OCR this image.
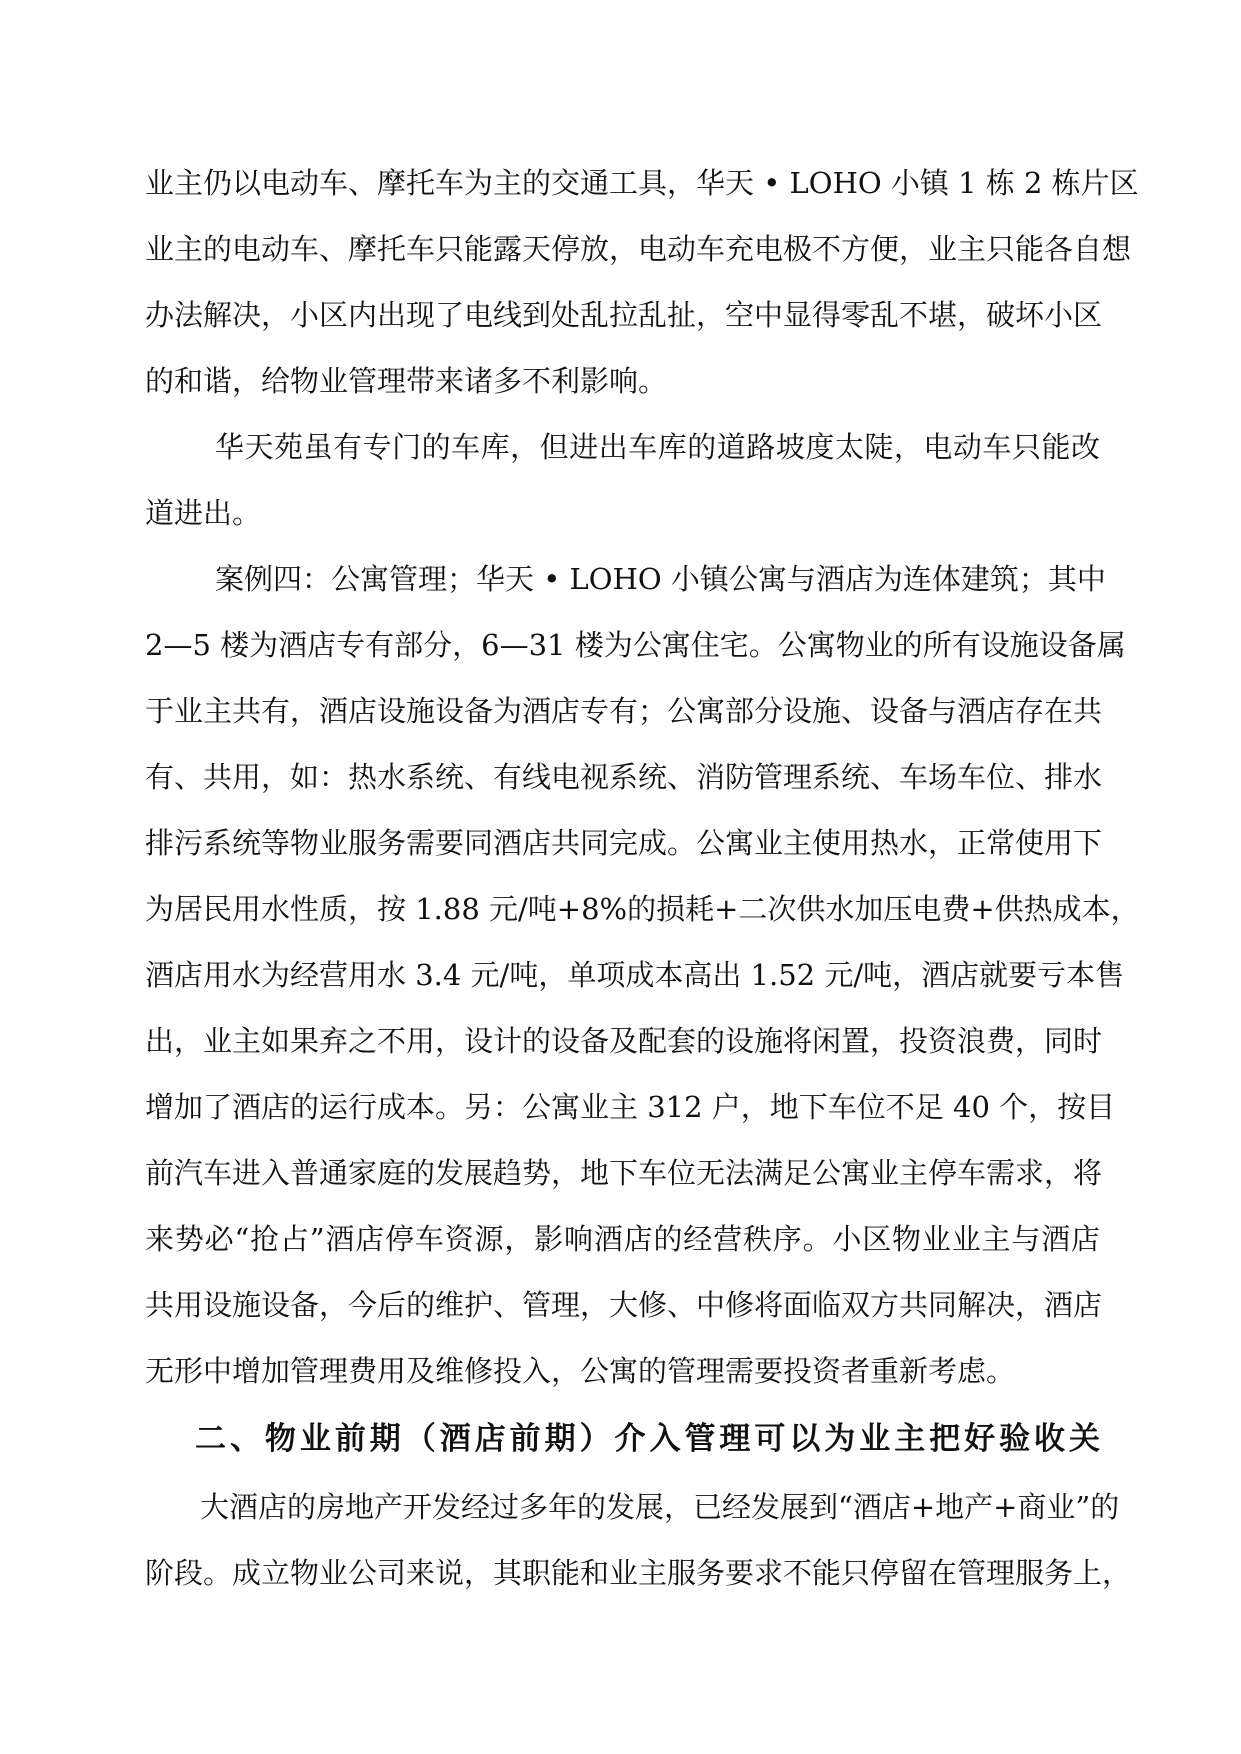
业主仍以电动车、摩托车为主的交通工具，华天 • LOHO 小镇 1 栋 2 栋片区
业主的电动车、摩托车只能露天停放，电动车充电极不方便，业主只能各自想
办法解决，小区内出现了电线到处乱拉乱扯，空中显得零乱不堪，破坏小区
的和谐，给物业管理带来诸多不利影响。
华天苑虽有专门的车库，但进出车库的道路坡度太陡，电动车只能改
道进出。
案例四：公寓管理；华天 • LOHO 小镇公寓与酒店为连体建筑；其中
2—5 楼为酒店专有部分，6—31 楼为公寓住宅。公寓物业的所有设施设备属
于业主共有，酒店设施设备为酒店专有；公寓部分设施、设备与酒店存在共
有、共用，如：热水系统、有线电视系统、消防管理系统、车场车位、排水
排污系统等物业服务需要同酒店共同完成。公寓业主使用热水，正常使用下
为居民用水性质，按 1.88 元/吨+8%的损耗+二次供水加压电费+供热成本，
酒店用水为经营用水 3.4 元/吨，单项成本高出 1.52 元/吨，酒店就要亏本售
出，业主如果弃之不用，设计的设备及配套的设施将闲置，投资浪费，同时
增加了酒店的运行成本。另：公寓业主 312 户，地下车位不足 40 个，按目
前汽车进入普通家庭的发展趋势，地下车位无法满足公寓业主停车需求，将
来势必“抢占”酒店停车资源，影响酒店的经营秩序。小区物业业主与酒店
共用设施设备，今后的维护、管理，大修、中修将面临双方共同解决，酒店
无形中增加管理费用及维修投入，公寓的管理需要投资者重新考虑。
二、物业前期（酒店前期）介入管理可以为业主把好验收关
大酒店的房地产开发经过多年的发展，已经发展到“酒店+地产+商业”的
阶段。成立物业公司来说，其职能和业主服务要求不能只停留在管理服务上，
